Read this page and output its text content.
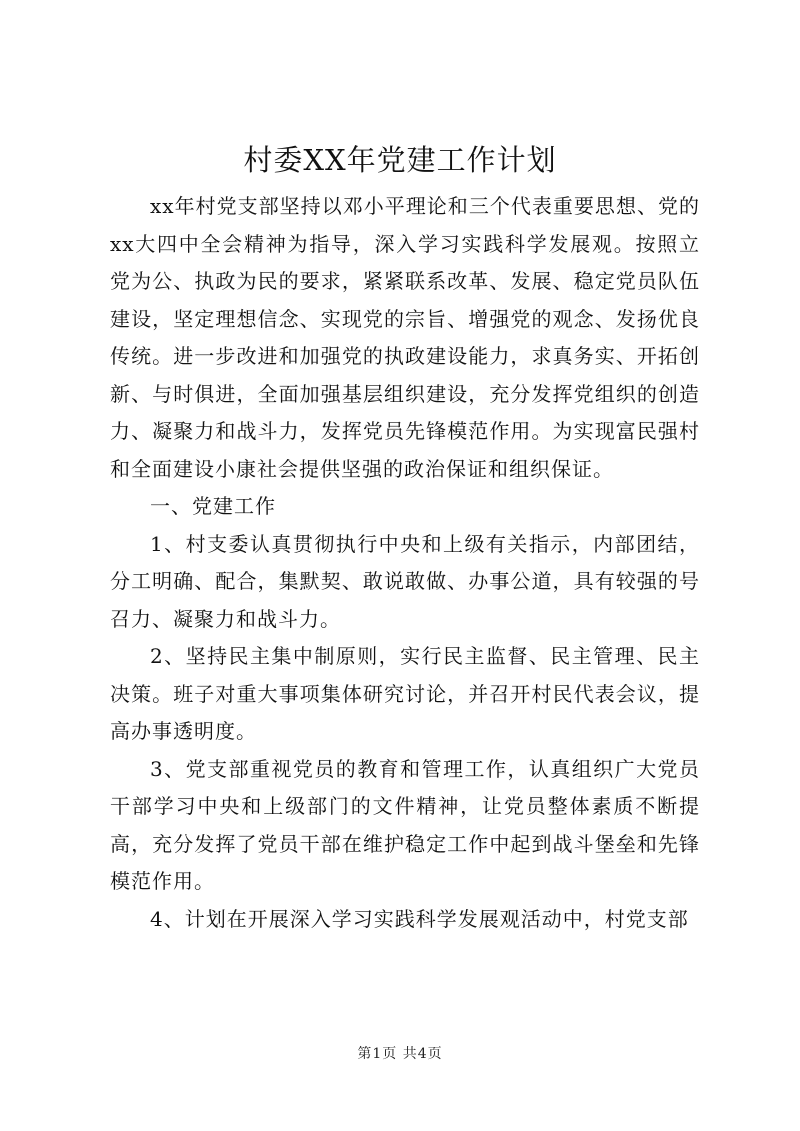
村委XX年党建工作计划

xx年村党支部坚持以邓小平理论和三个代表重要思想、党的xx大四中全会精神为指导，深入学习实践科学发展观。按照立党为公、执政为民的要求，紧紧联系改革、发展、稳定党员队伍建设，坚定理想信念、实现党的宗旨、增强党的观念、发扬优良传统。进一步改进和加强党的执政建设能力，求真务实、开拓创新、与时俱进，全面加强基层组织建设，充分发挥党组织的创造力、凝聚力和战斗力，发挥党员先锋模范作用。为实现富民强村和全面建设小康社会提供坚强的政治保证和组织保证。

一、党建工作

1、村支委认真贯彻执行中央和上级有关指示，内部团结，分工明确、配合，集默契、敢说敢做、办事公道，具有较强的号召力、凝聚力和战斗力。

2、坚持民主集中制原则，实行民主监督、民主管理、民主决策。班子对重大事项集体研究讨论，并召开村民代表会议，提高办事透明度。

3、党支部重视党员的教育和管理工作，认真组织广大党员干部学习中央和上级部门的文件精神，让党员整体素质不断提高，充分发挥了党员干部在维护稳定工作中起到战斗堡垒和先锋模范作用。

4、计划在开展深入学习实践科学发展观活动中，村党支部

第1页 共4页
